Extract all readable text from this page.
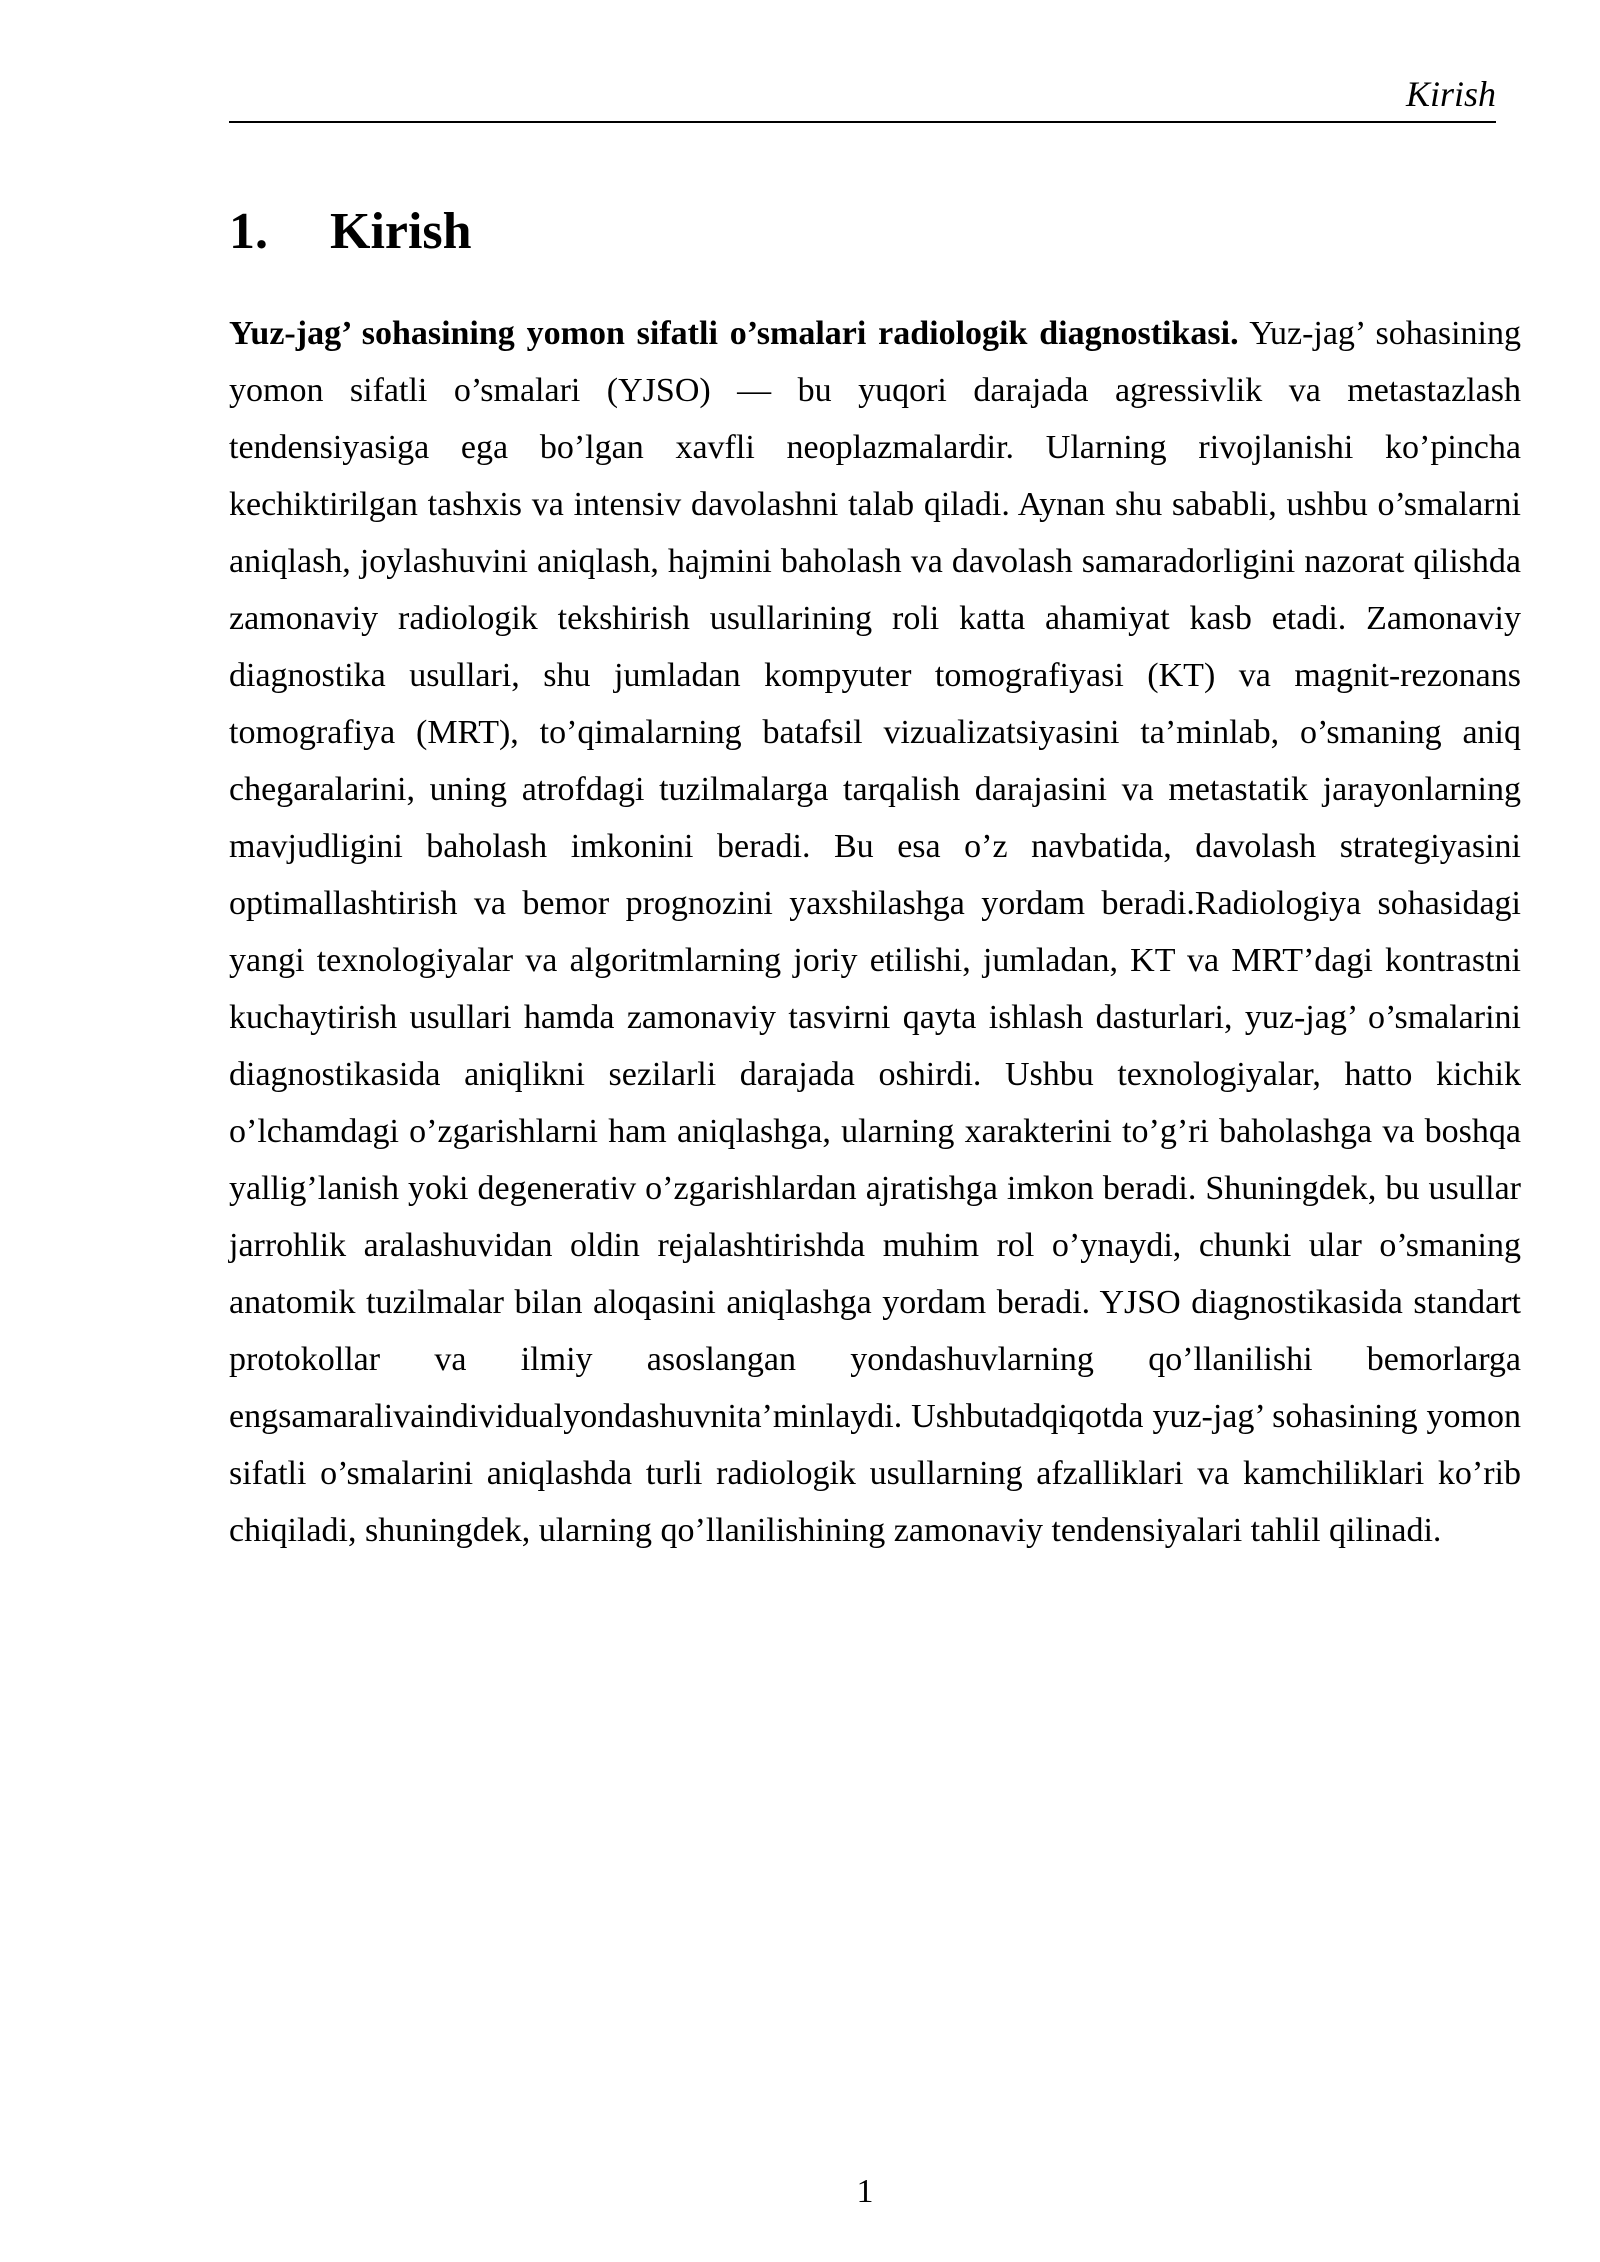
Kirish
1.	Kirish

Yuz-jag’ sohasining yomon sifatli o’smalari radiologik diagnostikasi. Yuz-jag’ sohasining yomon sifatli o’smalari (YJSO) — bu yuqori darajada agressivlik va metastazlash tendensiyasiga ega bo’lgan xavfli neoplazmalardir. Ularning rivojlanishi ko’pincha kechiktirilgan tashxis va intensiv davolashni talab qiladi. Aynan shu sababli, ushbu o’smalarni aniqlash, joylashuvini aniqlash, hajmini baholash va davolash samaradorligini nazorat qilishda zamonaviy radiologik tekshirish usullarining roli katta ahamiyat kasb etadi. Zamonaviy diagnostika usullari, shu jumladan kompyuter tomografiyasi (KT) va magnit-rezonans tomografiya (MRT), to’qimalarning batafsil vizualizatsiyasini ta’minlab, o’smaning aniq chegaralarini, uning atrofdagi tuzilmalarga tarqalish darajasini va metastatik jarayonlarning mavjudligini baholash imkonini beradi. Bu esa o’z navbatida, davolash strategiyasini optimallashtirish va bemor prognozini yaxshilashga yordam beradi.Radiologiya sohasidagi yangi texnologiyalar va algoritmlarning joriy etilishi, jumladan, KT va MRT’dagi kontrastni kuchaytirish usullari hamda zamonaviy tasvirni qayta ishlash dasturlari, yuz-jag’ o’smalarini diagnostikasida aniqlikni sezilarli darajada oshirdi. Ushbu texnologiyalar, hatto kichik o’lchamdagi o’zgarishlarni ham aniqlashga, ularning xarakterini to’g’ri baholashga va boshqa yallig’lanish yoki degenerativ o’zgarishlardan ajratishga imkon beradi. Shuningdek, bu usullar jarrohlik aralashuvidan oldin rejalashtirishda muhim rol o’ynaydi, chunki ular o’smaning anatomik tuzilmalar bilan aloqasini aniqlashga yordam beradi. YJSO diagnostikasida standart protokollar va ilmiy asoslangan yondashuvlarning qo’llanilishi bemorlarga engsamaralivaindividualyondashuvnita’minlaydi. Ushbutadqiqotda yuz-jag’ sohasining yomon sifatli o’smalarini aniqlashda turli radiologik usullarning afzalliklari va kamchiliklari ko’rib chiqiladi, shuningdek, ularning qo’llanilishining zamonaviy tendensiyalari tahlil qilinadi.

1
